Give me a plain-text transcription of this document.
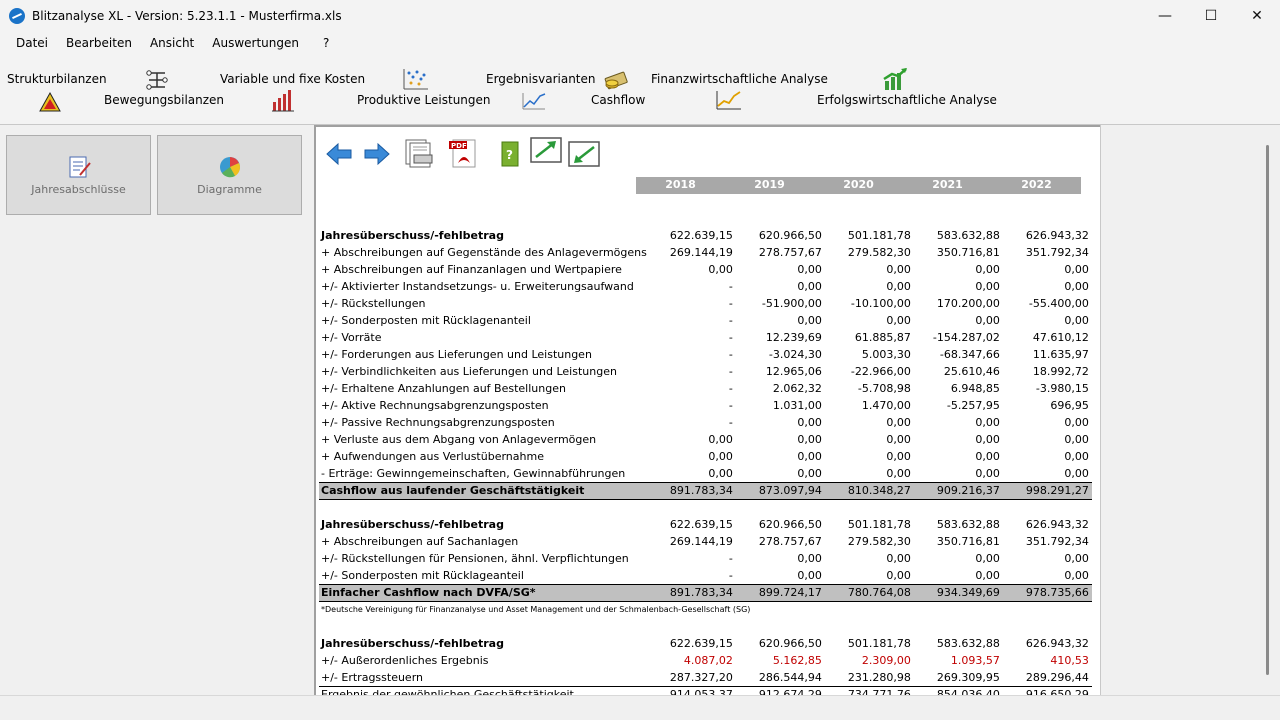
Blitzanalyse XL - Version: 5.23.1.1 - Musterfirma.xls	—	☐	✕
Datei	Bearbeiten	Ansicht	Auswertungen	?
Strukturbilanzen
Bewegungsbilanzen
Variable und fixe Kosten
Produktive Leistungen
Ergebnisvarianten
Cashflow
Finanzwirtschaftliche Analyse
Erfolgswirtschaftliche Analyse
Jahresabschlüsse	Diagramme
PDF
?
2018	2019	2020	2021	2022

Jahresüberschuss/-fehlbetrag	622.639,15	620.966,50	501.181,78	583.632,88	626.943,32
+ Abschreibungen auf Gegenstände des Anlagevermögens	269.144,19	278.757,67	279.582,30	350.716,81	351.792,34
+ Abschreibungen auf Finanzanlagen und Wertpapiere	0,00	0,00	0,00	0,00	0,00
+/- Aktivierter Instandsetzungs- u. Erweiterungsaufwand	-	0,00	0,00	0,00	0,00
+/- Rückstellungen	-	-51.900,00	-10.100,00	170.200,00	-55.400,00
+/- Sonderposten mit Rücklagenanteil	-	0,00	0,00	0,00	0,00
+/- Vorräte	-	12.239,69	61.885,87	-154.287,02	47.610,12
+/- Forderungen aus Lieferungen und Leistungen	-	-3.024,30	5.003,30	-68.347,66	11.635,97
+/- Verbindlichkeiten aus Lieferungen und Leistungen	-	12.965,06	-22.966,00	25.610,46	18.992,72
+/- Erhaltene Anzahlungen auf Bestellungen	-	2.062,32	-5.708,98	6.948,85	-3.980,15
+/- Aktive Rechnungsabgrenzungsposten	-	1.031,00	1.470,00	-5.257,95	696,95
+/- Passive Rechnungsabgrenzungsposten	-	0,00	0,00	0,00	0,00
+ Verluste aus dem Abgang von Anlagevermögen	0,00	0,00	0,00	0,00	0,00
+ Aufwendungen aus Verlustübernahme	0,00	0,00	0,00	0,00	0,00
- Erträge: Gewinngemeinschaften, Gewinnabführungen	0,00	0,00	0,00	0,00	0,00
Cashflow aus laufender Geschäftstätigkeit	891.783,34	873.097,94	810.348,27	909.216,37	998.291,27

Jahresüberschuss/-fehlbetrag	622.639,15	620.966,50	501.181,78	583.632,88	626.943,32
+ Abschreibungen auf Sachanlagen	269.144,19	278.757,67	279.582,30	350.716,81	351.792,34
+/- Rückstellungen für Pensionen, ähnl. Verpflichtungen	-	0,00	0,00	0,00	0,00
+/- Sonderposten mit Rücklageanteil	-	0,00	0,00	0,00	0,00
Einfacher Cashflow nach DVFA/SG*	891.783,34	899.724,17	780.764,08	934.349,69	978.735,66
*Deutsche Vereinigung für Finanzanalyse und Asset Management und der Schmalenbach-Gesellschaft (SG)					

Jahresüberschuss/-fehlbetrag	622.639,15	620.966,50	501.181,78	583.632,88	626.943,32
+/- Außerordenliches Ergebnis	4.087,02	5.162,85	2.309,00	1.093,57	410,53
+/- Ertragssteuern	287.327,20	286.544,94	231.280,98	269.309,95	289.296,44
